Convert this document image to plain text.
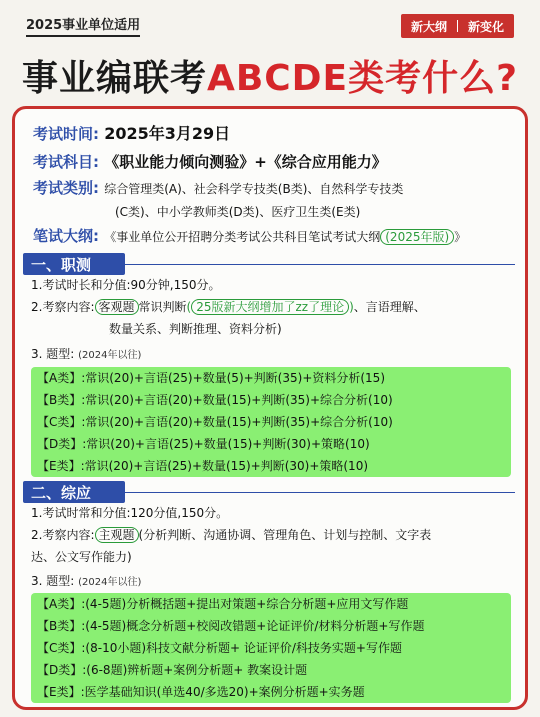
2025事业单位适用	新大纲 新变化
事业编联考ABCDE类考什么?
考试时间: 2025年3月29日
考试科目: 《职业能力倾向测验》+《综合应用能力》
考试类别: 综合管理类(A)、社会科学专技类(B类)、自然科学专技类
(C类)、中小学教师类(D类)、医疗卫生类(E类)
笔试大纲: 《事业单位公开招聘分类考试公共科目笔试考试大纲 (2025年版) 》
一、职测
1.考试时长和分值:90分钟,150分。
2.考察内容: 客观题 常识判断( 25版新大纲增加了zz了理论 )、言语理解、
数量关系、判断推理、资料分析)
3. 题型: (2024年以往)
【A类】:常识(20)+言语(25)+数量(5)+判断(35)+资料分析(15)
【B类】:常识(20)+言语(20)+数量(15)+判断(35)+综合分析(10)
【C类】:常识(20)+言语(20)+数量(15)+判断(35)+综合分析(10)
【D类】:常识(20)+言语(25)+数量(15)+判断(30)+策略(10)
【E类】:常识(20)+言语(25)+数量(15)+判断(30)+策略(10)
二、综应
1.考试时常和分值:120分值,150分。
2.考察内容: 主观题 (分析判断、沟通协调、管理角色、计划与控制、文字表
达、公文写作能力)
3. 题型: (2024年以往)
【A类】:(4-5题)分析概括题+提出对策题+综合分析题+应用文写作题
【B类】:(4-5题)概念分析题+校阅改错题+论证评价/材料分析题+写作题
【C类】:(8-10小题)科技文献分析题+ 论证评价/科技务实题+写作题
【D类】:(6-8题)辨析题+案例分析题+ 教案设计题
【E类】:医学基础知识(单选40/多选20)+案例分析题+实务题
